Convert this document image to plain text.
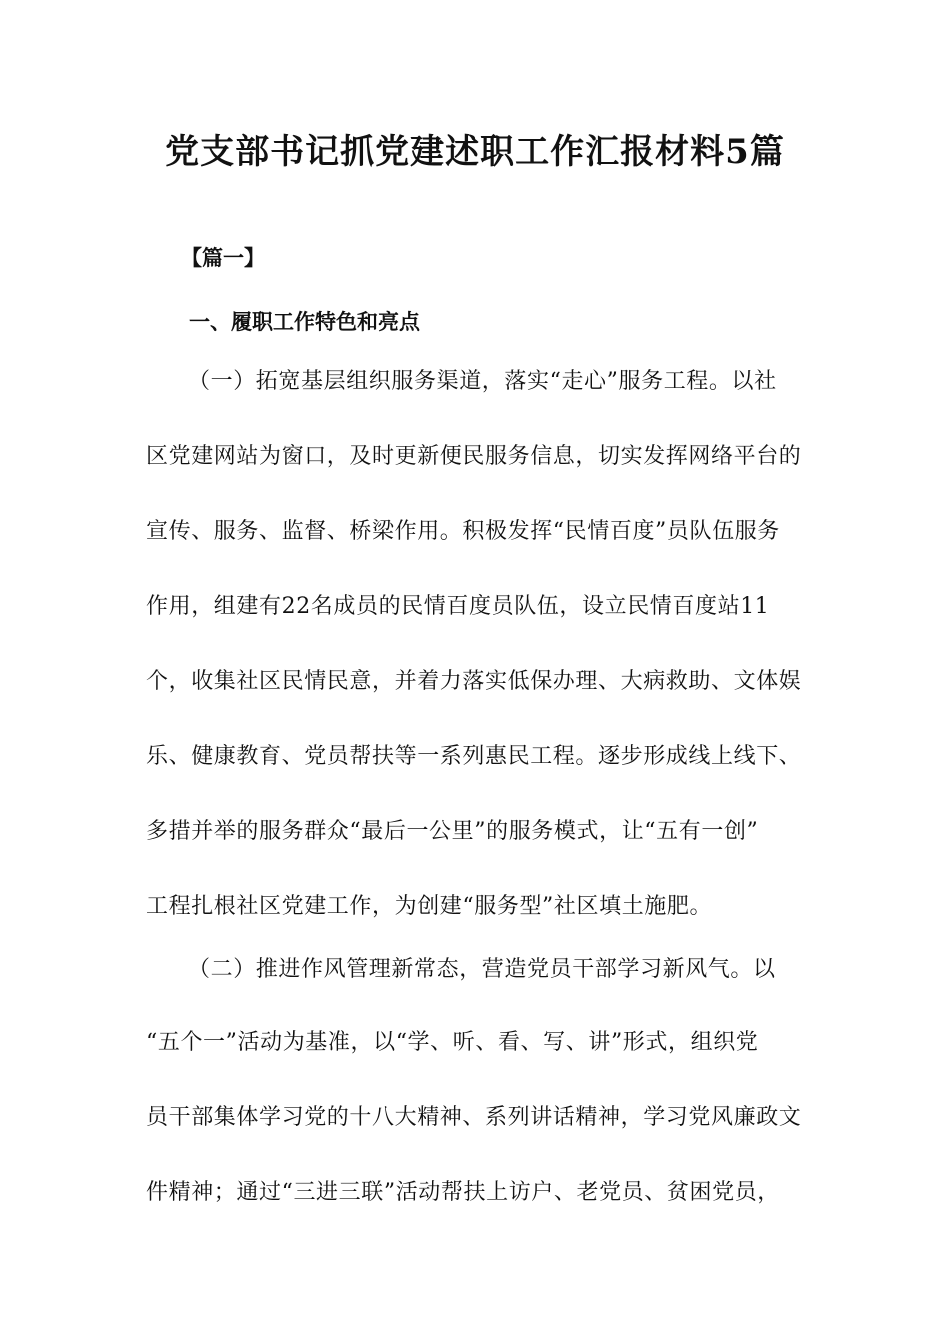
党支部书记抓党建述职工作汇报材料5篇
【篇一】
一、履职工作特色和亮点
（一）拓宽基层组织服务渠道，落实“走心”服务工程。以社
区党建网站为窗口，及时更新便民服务信息，切实发挥网络平台的
宣传、服务、监督、桥梁作用。积极发挥“民情百度”员队伍服务
作用，组建有22名成员的民情百度员队伍，设立民情百度站11
个，收集社区民情民意，并着力落实低保办理、大病救助、文体娱
乐、健康教育、党员帮扶等一系列惠民工程。逐步形成线上线下、
多措并举的服务群众“最后一公里”的服务模式，让“五有一创”
工程扎根社区党建工作，为创建“服务型”社区填土施肥。
（二）推进作风管理新常态，营造党员干部学习新风气。以
“五个一”活动为基准，以“学、听、看、写、讲”形式，组织党
员干部集体学习党的十八大精神、系列讲话精神，学习党风廉政文
件精神；通过“三进三联”活动帮扶上访户、老党员、贫困党员，
